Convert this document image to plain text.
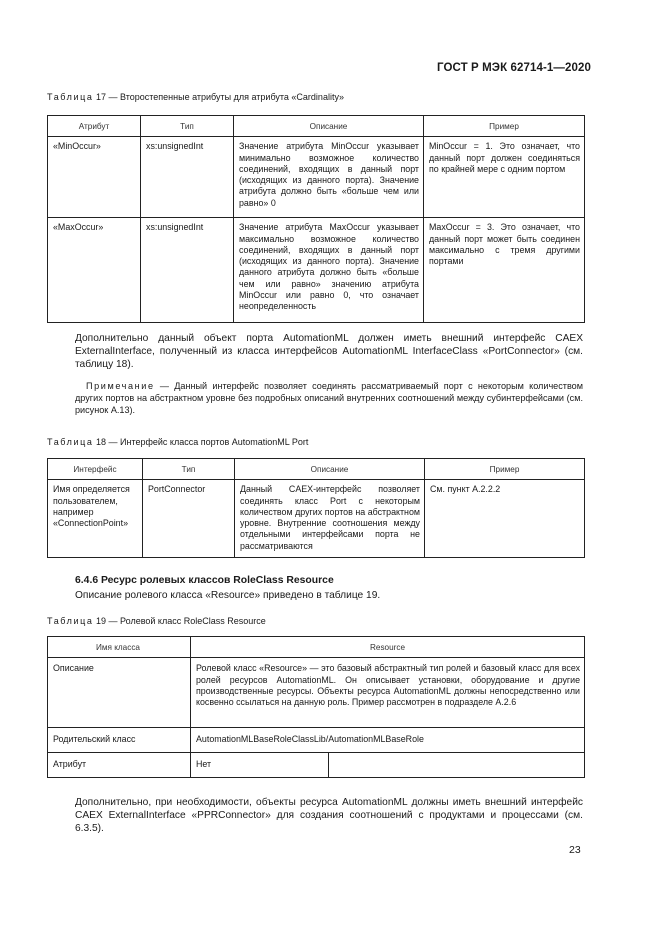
ГОСТ Р МЭК 62714-1—2020
Таблица 17 — Второстепенные атрибуты для атрибута «Cardinality»
Атрибут	Тип	Описание	Пример
«MinOccur»	xs:unsignedInt	Значение атрибута MinOccur указывает минимально возможное количество соединений, входящих в данный порт (исходящих из данного порта). Значение атрибута должно быть «больше чем или равно» 0	MinOccur = 1. Это означает, что данный порт должен соединяться по крайней мере с одним портом
«MaxOccur»	xs:unsignedInt	Значение атрибута MaxOccur указывает максимально возможное количество соединений, входящих в данный порт (исходящих из данного порта). Значение данного атрибута должно быть «больше чем или равно» значению атрибута MinOccur или равно 0, что означает неопределенность	MaxOccur = 3. Это означает, что данный порт может быть соединен максимально с тремя другими портами
Дополнительно данный объект порта AutomationML должен иметь внешний интерфейс CAEX ExternalInterface, полученный из класса интерфейсов AutomationML InterfaceClass «PortConnector» (см. таблицу 18).
Примечание — Данный интерфейс позволяет соединять рассматриваемый порт с некоторым количеством других портов на абстрактном уровне без подробных описаний внутренних соотношений между субинтерфейсами (см. рисунок А.13).
Таблица 18 — Интерфейс класса портов AutomationML Port
Интерфейс	Тип	Описание	Пример
Имя определяется пользователем, например «ConnectionPoint»	PortConnector	Данный CAEX-интерфейс позволяет соединять класс Port с некоторым количеством других портов на абстрактном уровне. Внутренние соотношения между отдельными интерфейсами порта не рассматриваются	См. пункт А.2.2.2
6.4.6 Ресурс ролевых классов RoleClass Resource
Описание ролевого класса «Resource» приведено в таблице 19.
Таблица 19 — Ролевой класс RoleClass Resource
Имя класса	Resource	
Описание	Ролевой класс «Resource» — это базовый абстрактный тип ролей и базовый класс для всех ролей ресурсов AutomationML. Он описывает установки, оборудование и другие производственные ресурсы. Объекты ресурса AutomationML должны непосредственно или косвенно ссылаться на данную роль. Пример рассмотрен в подразделе А.2.6	
Родительский класс	AutomationMLBaseRoleClassLib/AutomationMLBaseRole	
Атрибут	Нет	
Дополнительно, при необходимости, объекты ресурса AutomationML должны иметь внешний интерфейс CAEX ExternalInterface «PPRConnector» для создания соотношений с продуктами и процессами (см. 6.3.5).
23
